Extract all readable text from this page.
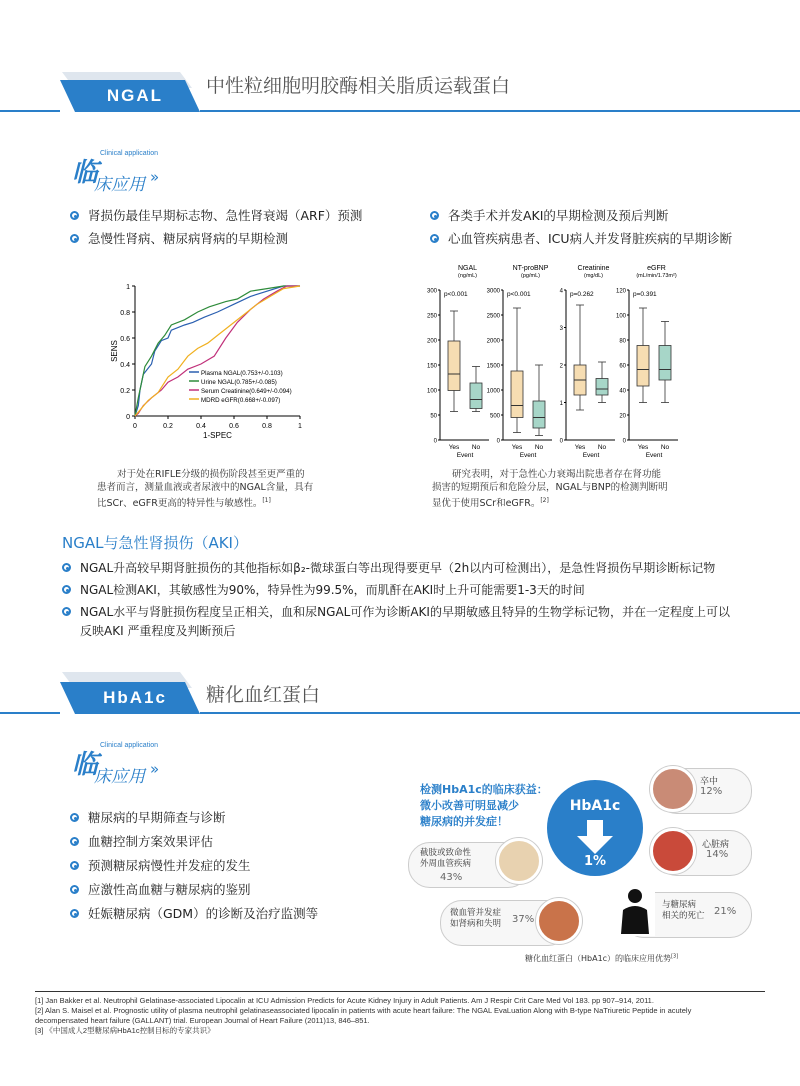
NGAL	中性粒细胞明胶酶相关脂质运载蛋白
Clinical application
临
床应用 »
肾损伤最佳早期标志物、急性肾衰竭（ARF）预测
急慢性肾病、糖尿病肾病的早期检测
各类手术并发AKI的早期检测及预后判断
心血管疾病患者、ICU病人并发肾脏疾病的早期诊断
0
0.2
0.4
0.6
0.8
1
0	0.2	0.4	0.6	0.8	1
1-SPEC
SENS
Plasma NGAL(0.753+/-0.103)
Urine NGAL(0.785+/-0.085)
Serum Creatinine(0.649+/-0.094)
MDRD eGFR(0.668+/-0.097)
对于处在RIFLE分级的损伤阶段甚至更严重的
患者而言，测量血液或者尿液中的NGAL含量，具有
比SCr、eGFR更高的特异性与敏感性。[1]
NGAL
(ng/mL)
p<0.001
0
50
100
150
200
250
300
Yes No
Event
NT-proBNP
(pg/mL)
p<0.001
0
500
1000
1500
2000
2500
3000
Yes No
Event
Creatinine
(mg/dL)
p=0.262
0
1
2
3
4
Yes No
Event
eGFR
(mL/min/1.73m²)
p=0.391
0
20
40
60
80
100
120
Yes No
Event
研究表明，对于急性心力衰竭出院患者存在肾功能
损害的短期预后和危险分层，NGAL与BNP的检测判断明
显优于使用SCr和eGFR。[2]
NGAL与急性肾损伤（AKI）
NGAL升高较早期肾脏损伤的其他指标如β₂-微球蛋白等出现得要更早（2h以内可检测出），是急性肾损伤早期诊断标记物
NGAL检测AKI，其敏感性为90%，特异性为99.5%，而肌酐在AKI时上升可能需要1-3天的时间
NGAL水平与肾脏损伤程度呈正相关，血和尿NGAL可作为诊断AKI的早期敏感且特异的生物学标记物，并在一定程度上可以
反映AKI 严重程度及判断预后
HbA1c	糖化血红蛋白
Clinical application
临
床应用 »
糖尿病的早期筛查与诊断
血糖控制方案效果评估
预测糖尿病慢性并发症的发生
应激性高血糖与糖尿病的鉴别
妊娠糖尿病（GDM）的诊断及治疗监测等
检测HbA1c的临床获益：
微小改善可明显减少
糖尿病的并发症！
HbA1c
1%
卒中
12%
心脏病
14%
与糖尿病
相关的死亡 21%
微血管并发症
如肾病和失明 37%
截肢或致命性
外周血管疾病
43%
糖化血红蛋白（HbA1c）的临床应用优势[3]
[1] Jan Bakker et al. Neutrophil Gelatinase-associated Lipocalin at ICU Admission Predicts for Acute Kidney Injury in Adult Patients. Am J Respir Crit Care Med Vol 183. pp 907–914, 2011.
[2] Alan S. Maisel et al. Prognostic utility of plasma neutrophil gelatinaseassociated lipocalin in patients with acute heart failure: The NGAL EvaLuation Along with B-type NaTriuretic Peptide in acutely
decompensated heart failure (GALLANT) trial. European Journal of Heart Failure (2011)13, 846–851.
[3] 《中国成人2型糖尿病HbA1c控制目标的专家共识》
